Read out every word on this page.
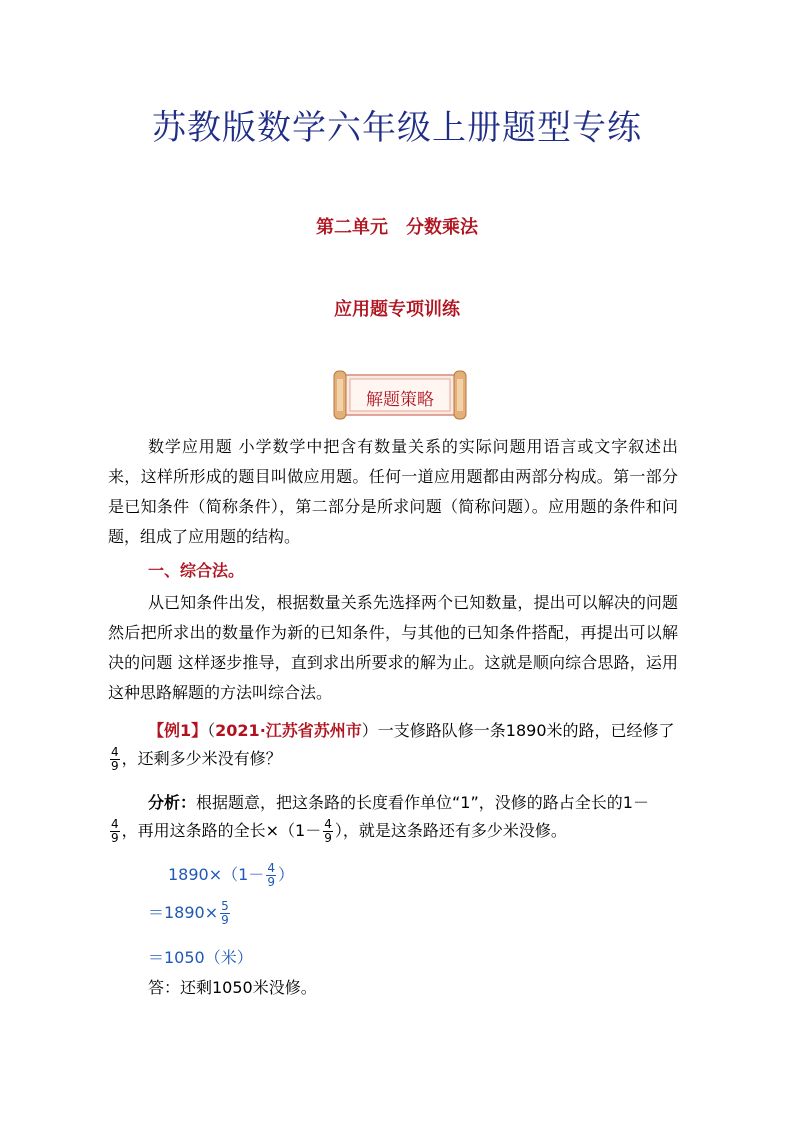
苏教版数学六年级上册题型专练
第二单元　分数乘法
应用题专项训练
解题策略
数学应用题 小学数学中把含有数量关系的实际问题用语言或文字叙述出来，这样所形成的题目叫做应用题。任何一道应用题都由两部分构成。第一部分是已知条件（简称条件），第二部分是所求问题（简称问题）。应用题的条件和问题，组成了应用题的结构。
一、综合法。
从已知条件出发，根据数量关系先选择两个已知数量，提出可以解决的问题然后把所求出的数量作为新的已知条件，与其他的已知条件搭配，再提出可以解决的问题 这样逐步推导，直到求出所要求的解为止。这就是顺向综合思路，运用这种思路解题的方法叫综合法。
【例1】（2021·江苏省苏州市）一支修路队修一条1890米的路，已经修了
$\frac{4}{9}$ ，还剩多少米没有修？
分析：根据题意，把这条路的长度看作单位“1”，没修的路占全长的1－
$\frac{4}{9}$ ，再用这条路的全长$\times(1- \frac{4}{9}$ ），就是这条路还有多少米没修。
$1890\times(1- \frac{4}{9}$ ）
$=1890\times \frac{5}{9}$
＝1050（米）
答：还剩1050米没修。
